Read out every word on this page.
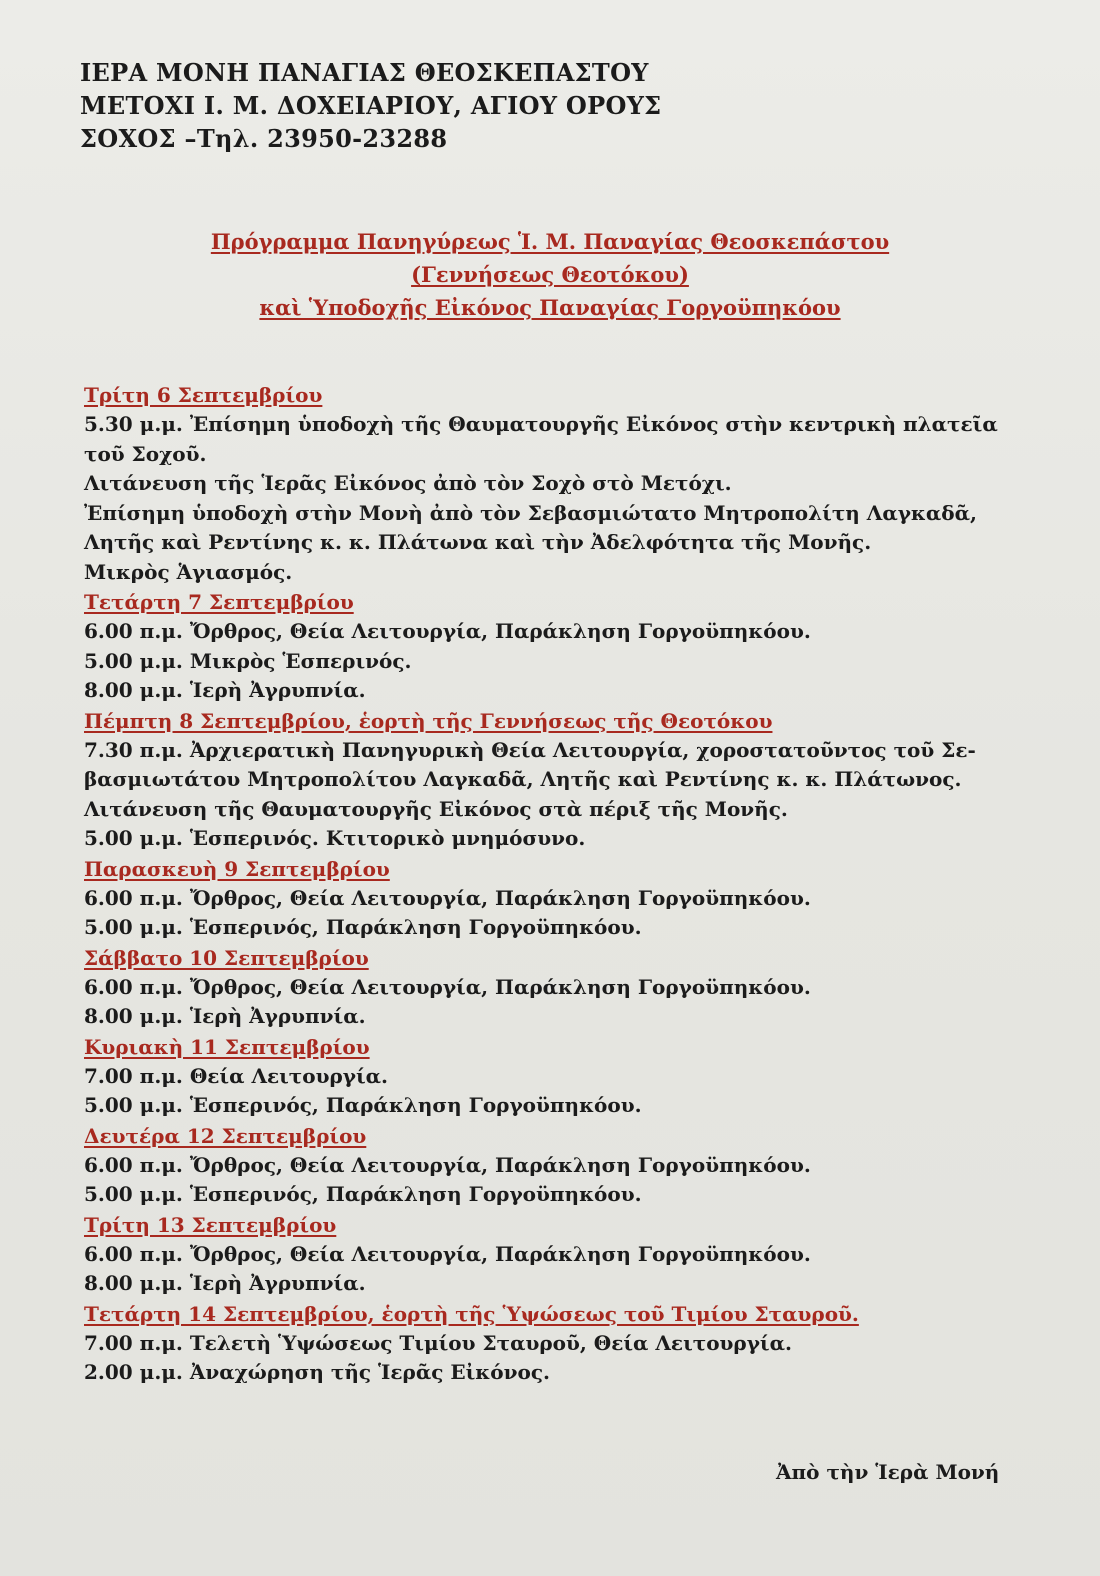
ΙΕΡΑ ΜΟΝΗ ΠΑΝΑΓΙΑΣ ΘΕΟΣΚΕΠΑΣΤΟΥ
ΜΕΤΟΧΙ Ι. Μ. ΔΟΧΕΙΑΡΙΟΥ, ΑΓΙΟΥ ΟΡΟΥΣ
ΣΟΧΟΣ –Τηλ. 23950-23288
Πρόγραμμα Πανηγύρεως Ἱ. Μ. Παναγίας Θεοσκεπάστου
(Γεννήσεως Θεοτόκου)
καὶ Ὑποδοχῆς Εἰκόνος Παναγίας Γοργοϋπηκόου
Τρίτη 6 Σεπτεμβρίου
5.30 μ.μ. Ἐπίσημη ὑποδοχὴ τῆς Θαυματουργῆς Εἰκόνος στὴν κεντρικὴ πλατεῖα
τοῦ Σοχοῦ.
Λιτάνευση τῆς Ἱερᾶς Εἰκόνος ἀπὸ τὸν Σοχὸ στὸ Μετόχι.
Ἐπίσημη ὑποδοχὴ στὴν Μονὴ ἀπὸ τὸν Σεβασμιώτατο Μητροπολίτη Λαγκαδᾶ,
Λητῆς καὶ Ρεντίνης κ. κ. Πλάτωνα καὶ τὴν Ἀδελφότητα τῆς Μονῆς.
Μικρὸς Ἁγιασμός.
Τετάρτη 7 Σεπτεμβρίου
6.00 π.μ. Ὄρθρος, Θεία Λειτουργία, Παράκληση Γοργοϋπηκόου.
5.00 μ.μ. Μικρὸς Ἑσπερινός.
8.00 μ.μ. Ἱερὴ Ἀγρυπνία.
Πέμπτη 8 Σεπτεμβρίου, ἑορτὴ τῆς Γεννήσεως τῆς Θεοτόκου
7.30 π.μ. Ἀρχιερατικὴ Πανηγυρικὴ Θεία Λειτουργία, χοροστατοῦντος τοῦ Σε-
βασμιωτάτου Μητροπολίτου Λαγκαδᾶ, Λητῆς καὶ Ρεντίνης κ. κ. Πλάτωνος.
Λιτάνευση τῆς Θαυματουργῆς Εἰκόνος στὰ πέριξ τῆς Μονῆς.
5.00 μ.μ. Ἑσπερινός. Κτιτορικὸ μνημόσυνο.
Παρασκευὴ 9 Σεπτεμβρίου
6.00 π.μ. Ὄρθρος, Θεία Λειτουργία, Παράκληση Γοργοϋπηκόου.
5.00 μ.μ. Ἑσπερινός, Παράκληση Γοργοϋπηκόου.
Σάββατο 10 Σεπτεμβρίου
6.00 π.μ. Ὄρθρος, Θεία Λειτουργία, Παράκληση Γοργοϋπηκόου.
8.00 μ.μ. Ἱερὴ Ἀγρυπνία.
Κυριακὴ 11 Σεπτεμβρίου
7.00 π.μ. Θεία Λειτουργία.
5.00 μ.μ. Ἑσπερινός, Παράκληση Γοργοϋπηκόου.
Δευτέρα 12 Σεπτεμβρίου
6.00 π.μ. Ὄρθρος, Θεία Λειτουργία, Παράκληση Γοργοϋπηκόου.
5.00 μ.μ. Ἑσπερινός, Παράκληση Γοργοϋπηκόου.
Τρίτη 13 Σεπτεμβρίου
6.00 π.μ. Ὄρθρος, Θεία Λειτουργία, Παράκληση Γοργοϋπηκόου.
8.00 μ.μ. Ἱερὴ Ἀγρυπνία.
Τετάρτη 14 Σεπτεμβρίου, ἑορτὴ τῆς Ὑψώσεως τοῦ Τιμίου Σταυροῦ.
7.00 π.μ. Τελετὴ Ὑψώσεως Τιμίου Σταυροῦ, Θεία Λειτουργία.
2.00 μ.μ. Ἀναχώρηση τῆς Ἱερᾶς Εἰκόνος.
Ἀπὸ τὴν Ἱερὰ Μονή
